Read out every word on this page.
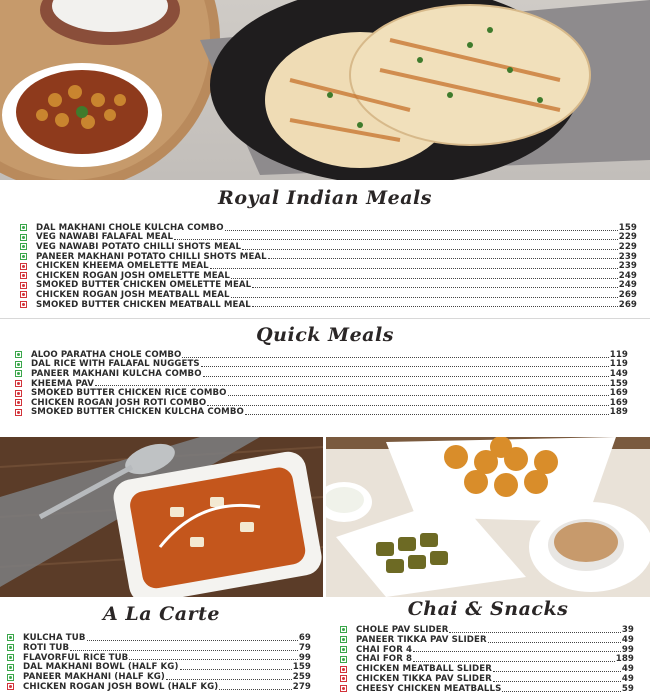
Royal Indian Meals
DAL MAKHANI CHOLE KULCHA COMBO	159
VEG NAWABI FALAFAL MEAL	229
VEG NAWABI POTATO CHILLI SHOTS MEAL	229
PANEER MAKHANI POTATO CHILLI SHOTS MEAL	239
CHICKEN KHEEMA OMELETTE MEAL	239
CHICKEN ROGAN JOSH OMELETTE MEAL	249
SMOKED BUTTER CHICKEN OMELETTE MEAL	249
CHICKEN ROGAN JOSH MEATBALL MEAL	269
SMOKED BUTTER CHICKEN MEATBALL MEAL	269
Quick Meals
ALOO PARATHA CHOLE COMBO	119
DAL RICE WITH FALAFAL NUGGETS	119
PANEER MAKHANI KULCHA COMBO	149
KHEEMA PAV	159
SMOKED BUTTER CHICKEN RICE COMBO	169
CHICKEN ROGAN JOSH ROTI COMBO	169
SMOKED BUTTER CHICKEN KULCHA COMBO	189
A La Carte
KULCHA TUB	69
ROTI TUB	79
FLAVORFUL RICE TUB	99
DAL MAKHANI BOWL (HALF KG)	159
PANEER MAKHANI (HALF KG)	259
CHICKEN ROGAN JOSH BOWL (HALF KG)	279
Chai & Snacks
CHOLE PAV SLIDER	39
PANEER TIKKA PAV SLIDER	49
CHAI FOR 4	99
CHAI FOR 8	189
CHICKEN MEATBALL SLIDER	49
CHICKEN TIKKA PAV SLIDER	49
CHEESY CHICKEN MEATBALLS	59
